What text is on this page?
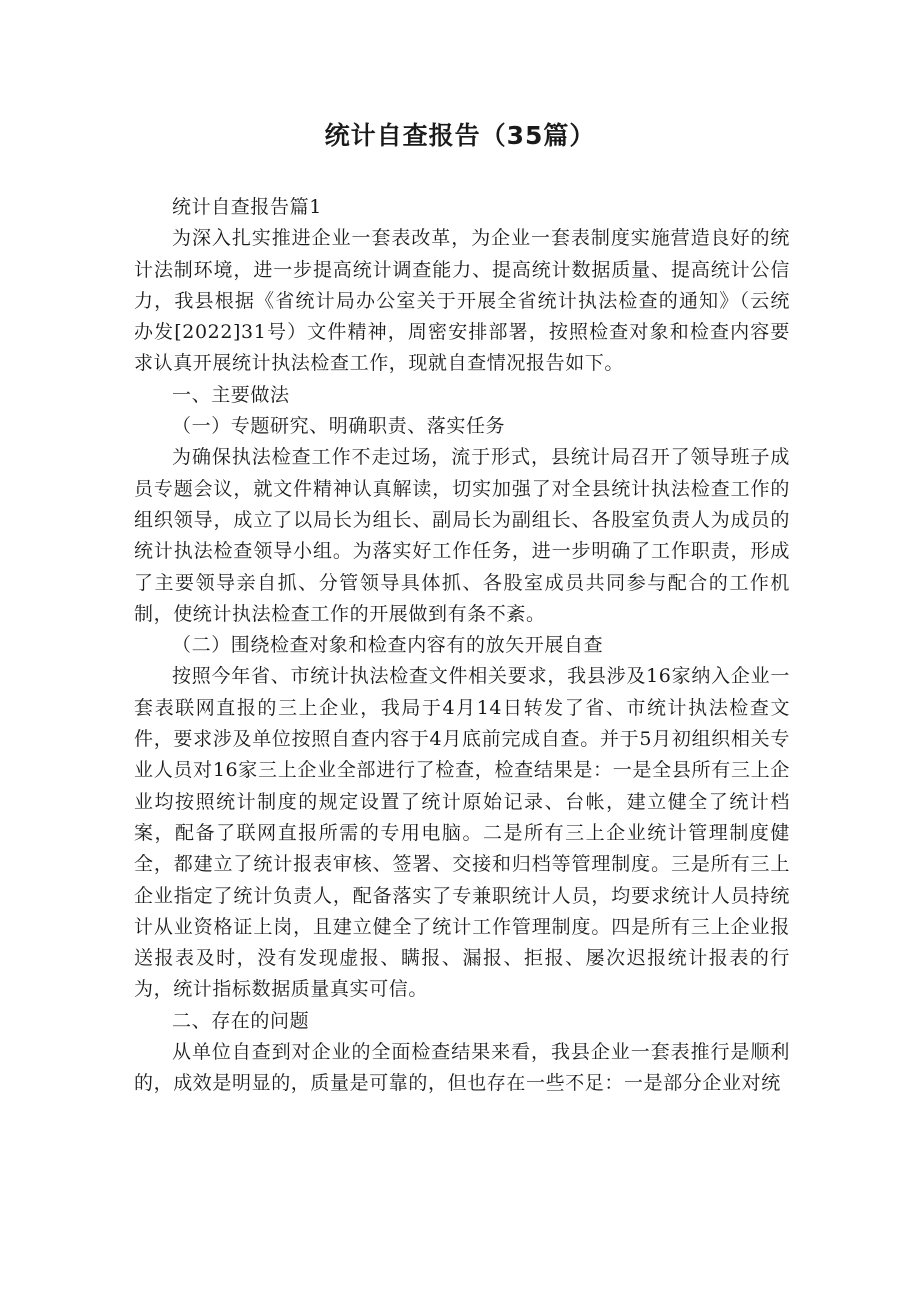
统计自查报告（35篇）

统计自查报告篇1

为深入扎实推进企业一套表改革，为企业一套表制度实施营造良好的统计法制环境，进一步提高统计调查能力、提高统计数据质量、提高统计公信力，我县根据《省统计局办公室关于开展全省统计执法检查的通知》（云统办发[2022]31号）文件精神，周密安排部署，按照检查对象和检查内容要求认真开展统计执法检查工作，现就自查情况报告如下。

一、主要做法

（一）专题研究、明确职责、落实任务

为确保执法检查工作不走过场，流于形式，县统计局召开了领导班子成员专题会议，就文件精神认真解读，切实加强了对全县统计执法检查工作的组织领导，成立了以局长为组长、副局长为副组长、各股室负责人为成员的统计执法检查领导小组。为落实好工作任务，进一步明确了工作职责，形成了主要领导亲自抓、分管领导具体抓、各股室成员共同参与配合的工作机制，使统计执法检查工作的开展做到有条不紊。

（二）围绕检查对象和检查内容有的放矢开展自查

按照今年省、市统计执法检查文件相关要求，我县涉及16家纳入企业一套表联网直报的三上企业，我局于4月14日转发了省、市统计执法检查文件，要求涉及单位按照自查内容于4月底前完成自查。并于5月初组织相关专业人员对16家三上企业全部进行了检查，检查结果是：一是全县所有三上企业均按照统计制度的规定设置了统计原始记录、台帐，建立健全了统计档案，配备了联网直报所需的专用电脑。二是所有三上企业统计管理制度健全，都建立了统计报表审核、签署、交接和归档等管理制度。三是所有三上企业指定了统计负责人，配备落实了专兼职统计人员，均要求统计人员持统计从业资格证上岗，且建立健全了统计工作管理制度。四是所有三上企业报送报表及时，没有发现虚报、瞒报、漏报、拒报、屡次迟报统计报表的行为，统计指标数据质量真实可信。

二、存在的问题

从单位自查到对企业的全面检查结果来看，我县企业一套表推行是顺利的，成效是明显的，质量是可靠的，但也存在一些不足：一是部分企业对统
